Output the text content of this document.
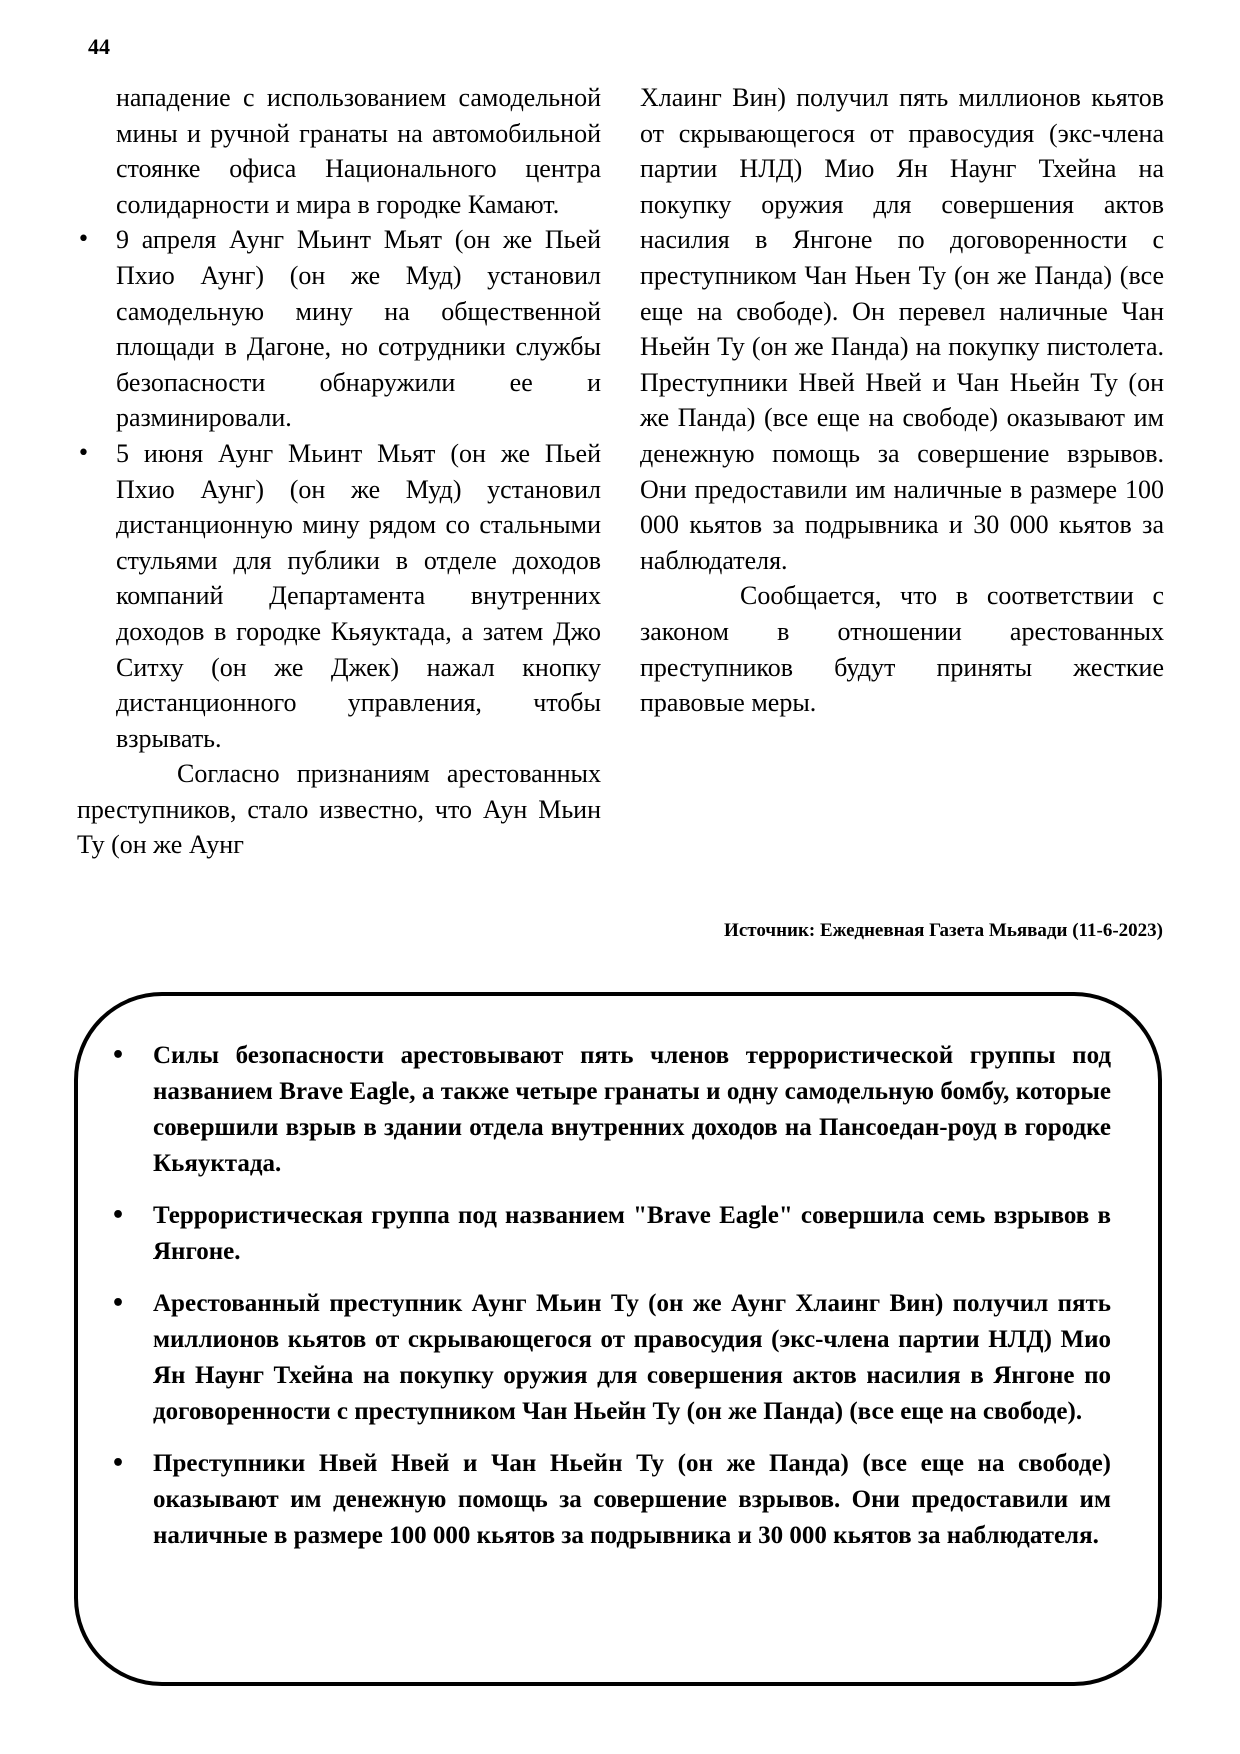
44

нападение с использованием самодельной мины и ручной гранаты на автомобильной стоянке офиса Национального центра солидарности и мира в городке Камают.

• 9 апреля Аунг Мьинт Мьят (он же Пьей Пхио Аунг) (он же Муд) установил самодельную мину на общественной площади в Дагоне, но сотрудники службы безопасности обнаружили ее и разминировали.
• 5 июня Аунг Мьинт Мьят (он же Пьей Пхио Аунг) (он же Муд) установил дистанционную мину рядом со стальными стульями для публики в отделе доходов компаний Департамента внутренних доходов в городке Кьяуктада, а затем Джо Ситху (он же Джек) нажал кнопку дистанционного управления, чтобы взрывать.

Согласно признаниям арестованных преступников, стало известно, что Аун Мьин Ту (он же Аунг

Хлаинг Вин) получил пять миллионов кьятов от скрывающегося от правосудия (экс-члена партии НЛД) Мио Ян Наунг Тхейна на покупку оружия для совершения актов насилия в Янгоне по договоренности с преступником Чан Ньен Ту (он же Панда) (все еще на свободе). Он перевел наличные Чан Ньейн Ту (он же Панда) на покупку пистолета. Преступники Нвей Нвей и Чан Ньейн Ту (он же Панда) (все еще на свободе) оказывают им денежную помощь за совершение взрывов. Они предоставили им наличные в размере 100 000 кьятов за подрывника и 30 000 кьятов за наблюдателя.

Сообщается, что в соответствии с законом в отношении арестованных преступников будут приняты жесткие правовые меры.

Источник: Ежедневная Газета Мьявади (11-6-2023)
• Силы безопасности арестовывают пять членов террористической группы под названием Brave Eagle, а также четыре гранаты и одну самодельную бомбу, которые совершили взрыв в здании отдела внутренних доходов на Пансоедан-роуд в городке Кьяуктада.
• Террористическая группа под названием "Brave Eagle" совершила семь взрывов в Янгоне.
• Арестованный преступник Аунг Мьин Ту (он же Аунг Хлаинг Вин) получил пять миллионов кьятов от скрывающегося от правосудия (экс-члена партии НЛД) Мио Ян Наунг Тхейна на покупку оружия для совершения актов насилия в Янгоне по договоренности с преступником Чан Ньейн Ту (он же Панда) (все еще на свободе).
• Преступники Нвей Нвей и Чан Ньейн Ту (он же Панда) (все еще на свободе) оказывают им денежную помощь за совершение взрывов. Они предоставили им наличные в размере 100 000 кьятов за подрывника и 30 000 кьятов за наблюдателя.
